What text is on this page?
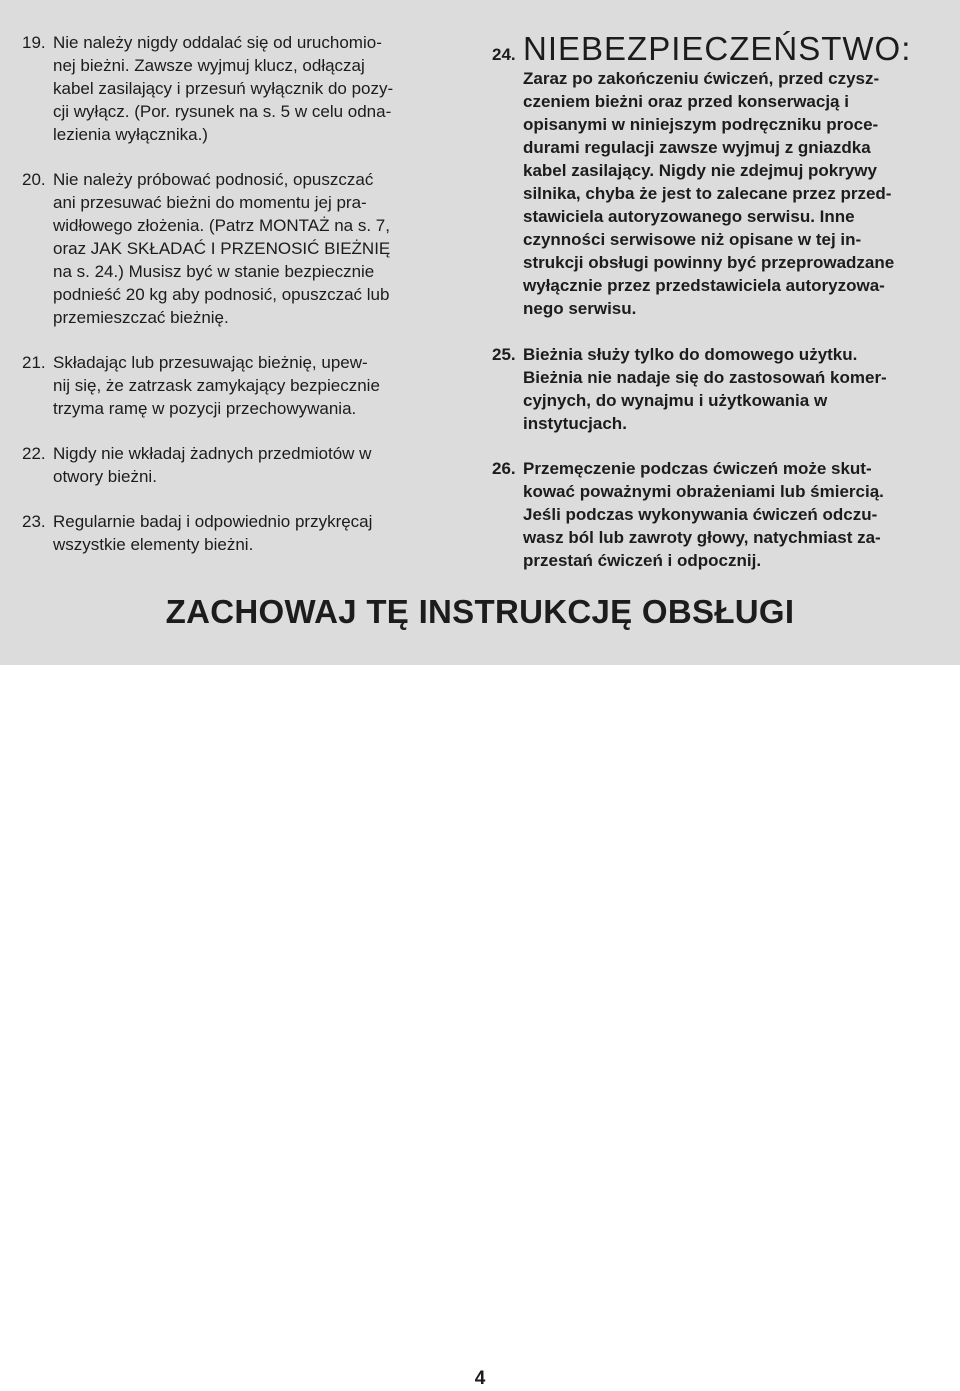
19. Nie należy nigdy oddalać się od uruchomio-
nej bieżni. Zawsze wyjmuj klucz, odłączaj
kabel zasilający i przesuń wyłącznik do pozy-
cji wyłącz. (Por. rysunek na s. 5 w celu odna-
lezienia wyłącznika.)
20. Nie należy próbować podnosić, opuszczać
ani przesuwać bieżni do momentu jej pra-
widłowego złożenia. (Patrz MONTAŻ na s. 7,
oraz JAK SKŁADAĆ I PRZENOSIĆ BIEŻNIĘ
na s. 24.) Musisz być w stanie bezpiecznie
podnieść 20 kg aby podnosić, opuszczać lub
przemieszczać bieżnię.
21. Składając lub przesuwając bieżnię, upew-
nij się, że zatrzask zamykający bezpiecznie
trzyma ramę w pozycji przechowywania.
22. Nigdy nie wkładaj żadnych przedmiotów w
otwory bieżni.
23. Regularnie badaj i odpowiednio przykręcaj
wszystkie elementy bieżni.
24. NIEBEZPIECZEŃSTWO:
Zaraz po zakończeniu ćwiczeń, przed czysz-
czeniem bieżni oraz przed konserwacją i
opisanymi w niniejszym podręczniku proce-
durami regulacji zawsze wyjmuj z gniazdka
kabel zasilający. Nigdy nie zdejmuj pokrywy
silnika, chyba że jest to zalecane przez przed-
stawiciela autoryzowanego serwisu. Inne
czynności serwisowe niż opisane w tej in-
strukcji obsługi powinny być przeprowadzane
wyłącznie przez przedstawiciela autoryzowa-
nego serwisu.
25. Bieżnia służy tylko do domowego użytku.
Bieżnia nie nadaje się do zastosowań komer-
cyjnych, do wynajmu i użytkowania w
instytucjach.
26. Przemęczenie podczas ćwiczeń może skut-
kować poważnymi obrażeniami lub śmiercią.
Jeśli podczas wykonywania ćwiczeń odczu-
wasz ból lub zawroty głowy, natychmiast za-
przestań ćwiczeń i odpocznij.
ZACHOWAJ TĘ INSTRUKCJĘ OBSŁUGI
4
